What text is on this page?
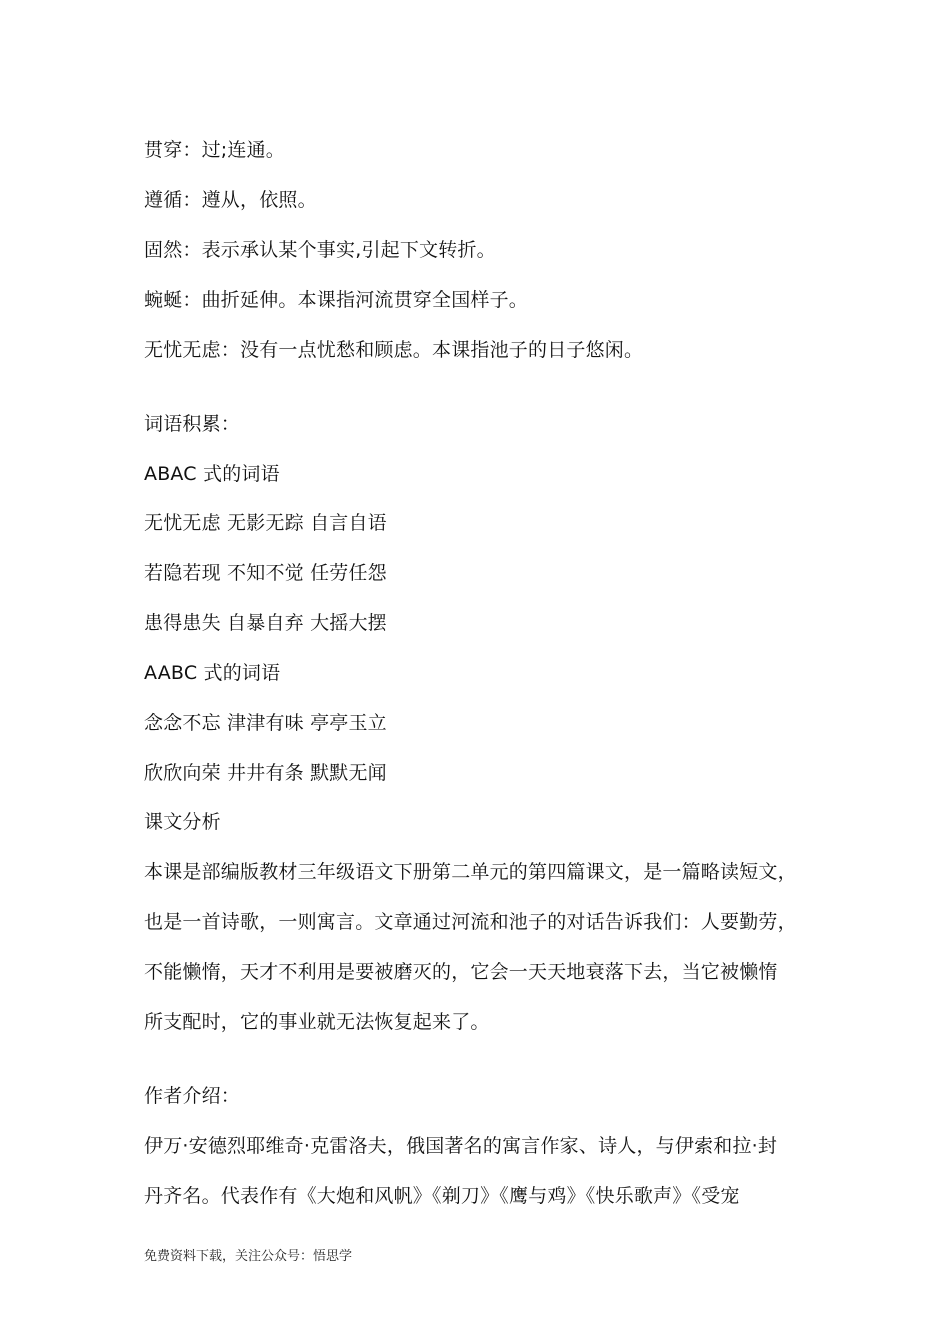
贯穿：过;连通。
遵循：遵从，依照。
固然：表示承认某个事实,引起下文转折。
蜿蜒：曲折延伸。本课指河流贯穿全国样子。
无忧无虑：没有一点忧愁和顾虑。本课指池子的日子悠闲。
词语积累：
ABAC 式的词语
无忧无虑 无影无踪 自言自语
若隐若现 不知不觉 任劳任怨
患得患失 自暴自弃 大摇大摆
AABC 式的词语
念念不忘 津津有味 亭亭玉立
欣欣向荣 井井有条 默默无闻
课文分析
本课是部编版教材三年级语文下册第二单元的第四篇课文，是一篇略读短文，
也是一首诗歌，一则寓言。文章通过河流和池子的对话告诉我们：人要勤劳，
不能懒惰，天才不利用是要被磨灭的，它会一天天地衰落下去，当它被懒惰
所支配时，它的事业就无法恢复起来了。
作者介绍：
伊万·安德烈耶维奇·克雷洛夫，俄国著名的寓言作家、诗人，与伊索和拉·封
丹齐名。代表作有《大炮和风帆》《剃刀》《鹰与鸡》《快乐歌声》《受宠
免费资料下载，关注公众号：悟思学
